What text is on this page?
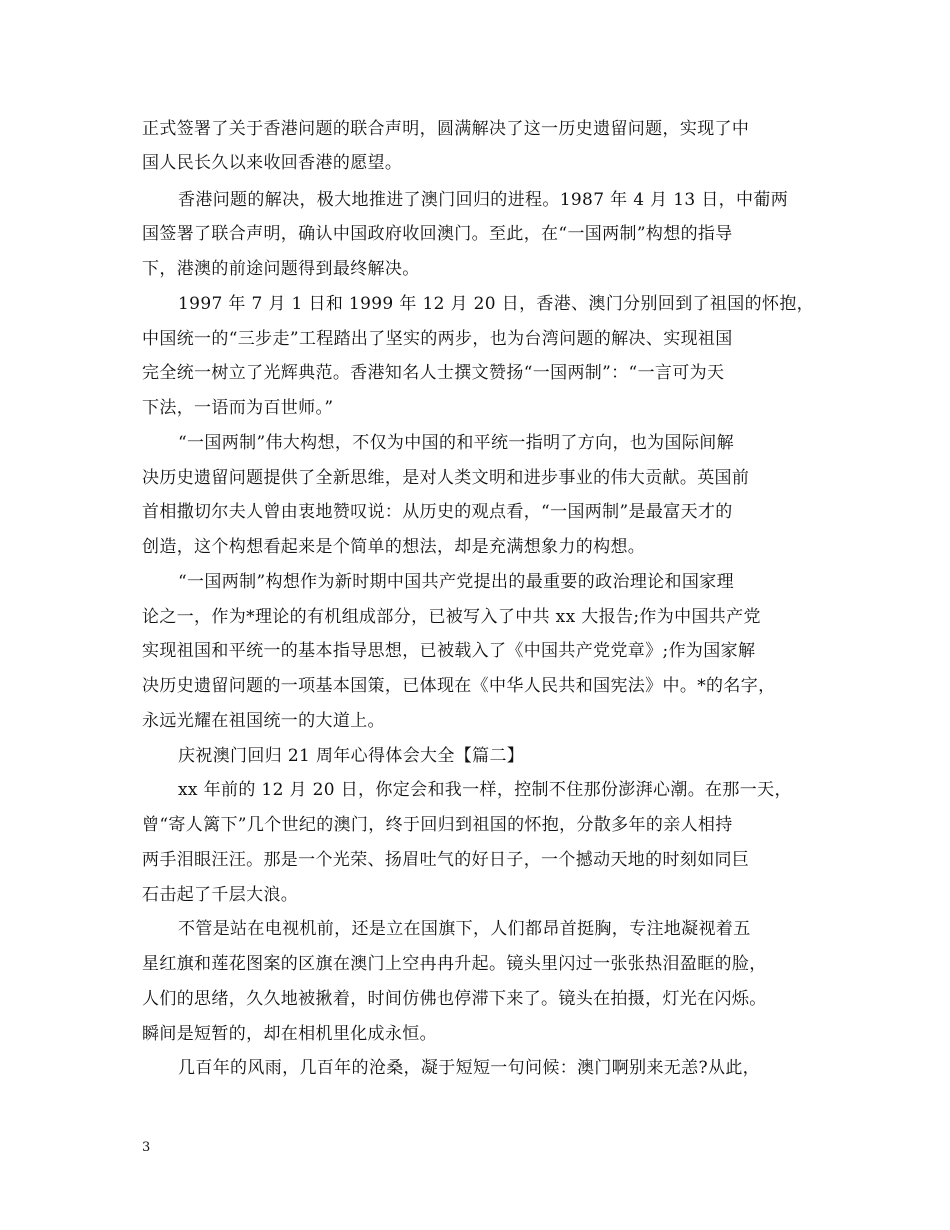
正式签署了关于香港问题的联合声明，圆满解决了这一历史遗留问题，实现了中
国人民长久以来收回香港的愿望。
香港问题的解决，极大地推进了澳门回归的进程。1987 年 4 月 13 日，中葡两
国签署了联合声明，确认中国政府收回澳门。至此，在“一国两制”构想的指导
下，港澳的前途问题得到最终解决。
1997 年 7 月 1 日和 1999 年 12 月 20 日，香港、澳门分别回到了祖国的怀抱，
中国统一的“三步走”工程踏出了坚实的两步，也为台湾问题的解决、实现祖国
完全统一树立了光辉典范。香港知名人士撰文赞扬“一国两制”：“一言可为天
下法，一语而为百世师。”
“一国两制”伟大构想，不仅为中国的和平统一指明了方向，也为国际间解
决历史遗留问题提供了全新思维，是对人类文明和进步事业的伟大贡献。英国前
首相撒切尔夫人曾由衷地赞叹说：从历史的观点看，“一国两制”是最富天才的
创造，这个构想看起来是个简单的想法，却是充满想象力的构想。
“一国两制”构想作为新时期中国共产党提出的最重要的政治理论和国家理
论之一，作为*理论的有机组成部分，已被写入了中共 xx 大报告;作为中国共产党
实现祖国和平统一的基本指导思想，已被载入了《中国共产党党章》;作为国家解
决历史遗留问题的一项基本国策，已体现在《中华人民共和国宪法》中。*的名字，
永远光耀在祖国统一的大道上。
庆祝澳门回归 21 周年心得体会大全【篇二】
xx 年前的 12 月 20 日，你定会和我一样，控制不住那份澎湃心潮。在那一天，
曾“寄人篱下”几个世纪的澳门，终于回归到祖国的怀抱，分散多年的亲人相持
两手泪眼汪汪。那是一个光荣、扬眉吐气的好日子，一个撼动天地的时刻如同巨
石击起了千层大浪。
不管是站在电视机前，还是立在国旗下，人们都昂首挺胸，专注地凝视着五
星红旗和莲花图案的区旗在澳门上空冉冉升起。镜头里闪过一张张热泪盈眶的脸，
人们的思绪，久久地被揪着，时间仿佛也停滞下来了。镜头在拍摄，灯光在闪烁。
瞬间是短暂的，却在相机里化成永恒。
几百年的风雨，几百年的沧桑，凝于短短一句问候：澳门啊别来无恙?从此，
3
